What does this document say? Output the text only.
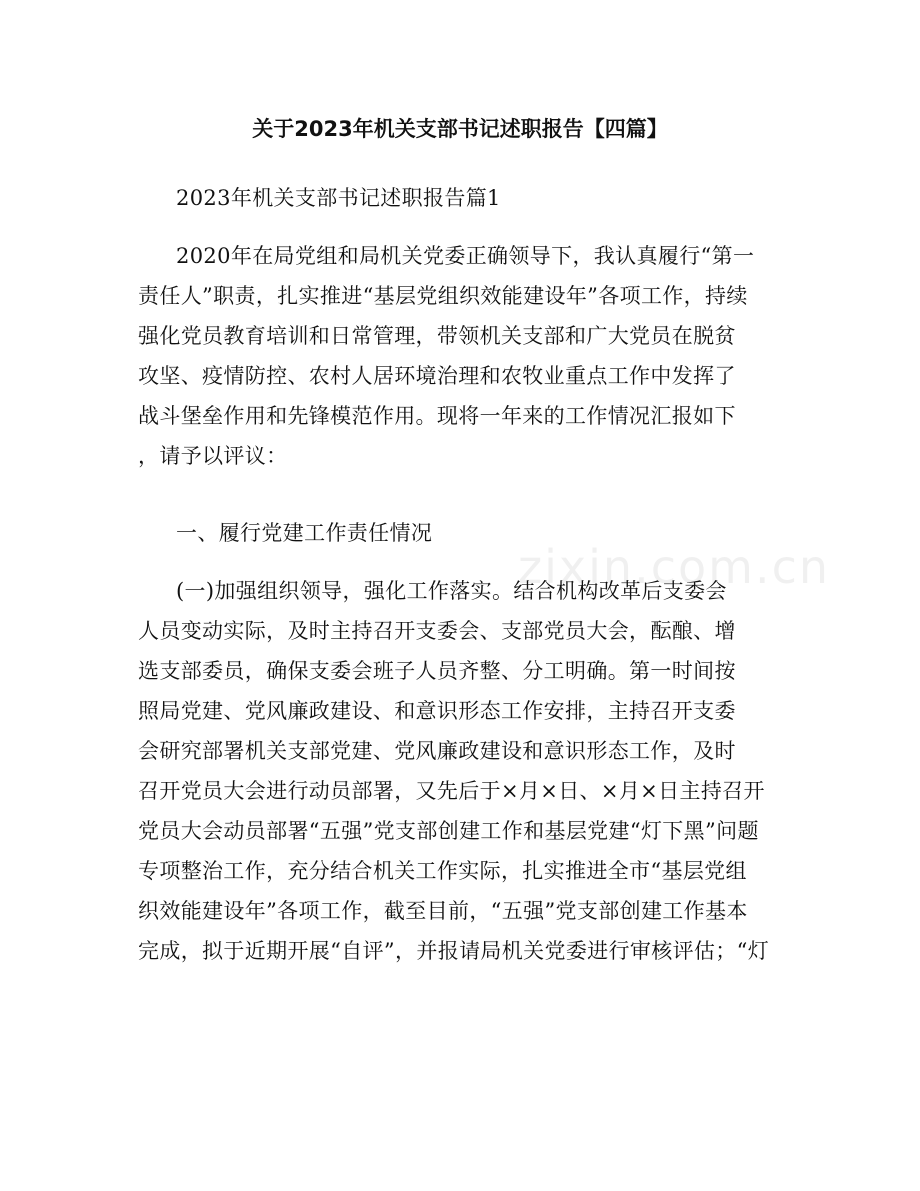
zixin.com.cn
关于2023年机关支部书记述职报告【四篇】
2023年机关支部书记述职报告篇1
2020年在局党组和局机关党委正确领导下，我认真履行“第一
责任人”职责，扎实推进“基层党组织效能建设年”各项工作，持续
强化党员教育培训和日常管理，带领机关支部和广大党员在脱贫
攻坚、疫情防控、农村人居环境治理和农牧业重点工作中发挥了
战斗堡垒作用和先锋模范作用。现将一年来的工作情况汇报如下
，请予以评议：
一、履行党建工作责任情况
(一)加强组织领导，强化工作落实。结合机构改革后支委会
人员变动实际，及时主持召开支委会、支部党员大会，酝酿、增
选支部委员，确保支委会班子人员齐整、分工明确。第一时间按
照局党建、党风廉政建设、和意识形态工作安排，主持召开支委
会研究部署机关支部党建、党风廉政建设和意识形态工作，及时
召开党员大会进行动员部署，又先后于×月×日、×月×日主持召开
党员大会动员部署“五强”党支部创建工作和基层党建“灯下黑”问题
专项整治工作，充分结合机关工作实际，扎实推进全市“基层党组
织效能建设年”各项工作，截至目前，“五强”党支部创建工作基本
完成，拟于近期开展“自评”，并报请局机关党委进行审核评估；“灯
